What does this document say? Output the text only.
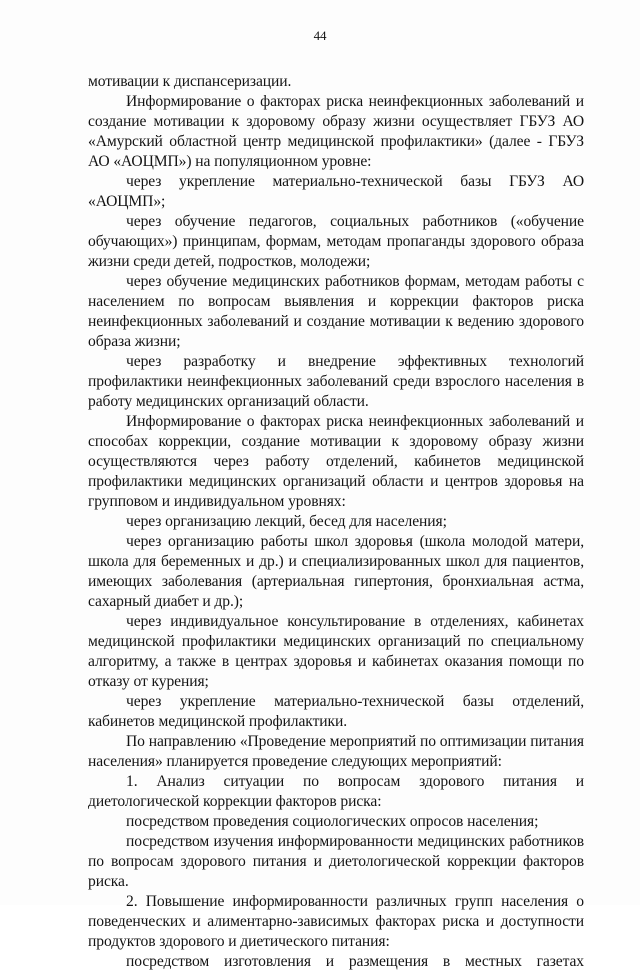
44

мотивации к диспансеризации.

Информирование о факторах риска неинфекционных заболеваний и создание мотивации к здоровому образу жизни осуществляет ГБУЗ АО «Амурский областной центр медицинской профилактики» (далее - ГБУЗ АО «АОЦМП») на популяционном уровне:

через укрепление материально-технической базы ГБУЗ АО «АОЦМП»;

через обучение педагогов, социальных работников («обучение обучающих») принципам, формам, методам пропаганды здорового образа жизни среди детей, подростков, молодежи;

через обучение медицинских работников формам, методам работы с населением по вопросам выявления и коррекции факторов риска неинфекционных заболеваний и создание мотивации к ведению здорового образа жизни;

через разработку и внедрение эффективных технологий профилактики неинфекционных заболеваний среди взрослого населения в работу медицинских организаций области.

Информирование о факторах риска неинфекционных заболеваний и способах коррекции, создание мотивации к здоровому образу жизни осуществляются через работу отделений, кабинетов медицинской профилактики медицинских организаций области и центров здоровья на групповом и индивидуальном уровнях:

через организацию лекций, бесед для населения;

через организацию работы школ здоровья (школа молодой матери, школа для беременных и др.) и специализированных школ для пациентов, имеющих заболевания (артериальная гипертония, бронхиальная астма, сахарный диабет и др.);

через индивидуальное консультирование в отделениях, кабинетах медицинской профилактики медицинских организаций по специальному алгоритму, а также в центрах здоровья и кабинетах оказания помощи по отказу от курения;

через укрепление материально-технической базы отделений, кабинетов медицинской профилактики.

По направлению «Проведение мероприятий по оптимизации питания населения» планируется проведение следующих мероприятий:

1. Анализ ситуации по вопросам здорового питания и диетологической коррекции факторов риска:

посредством проведения социологических опросов населения;

посредством изучения информированности медицинских работников по вопросам здорового питания и диетологической коррекции факторов риска.

2. Повышение информированности различных групп населения о поведенческих и алиментарно-зависимых факторах риска и доступности продуктов здорового и диетического питания:

посредством изготовления и размещения в местных газетах
